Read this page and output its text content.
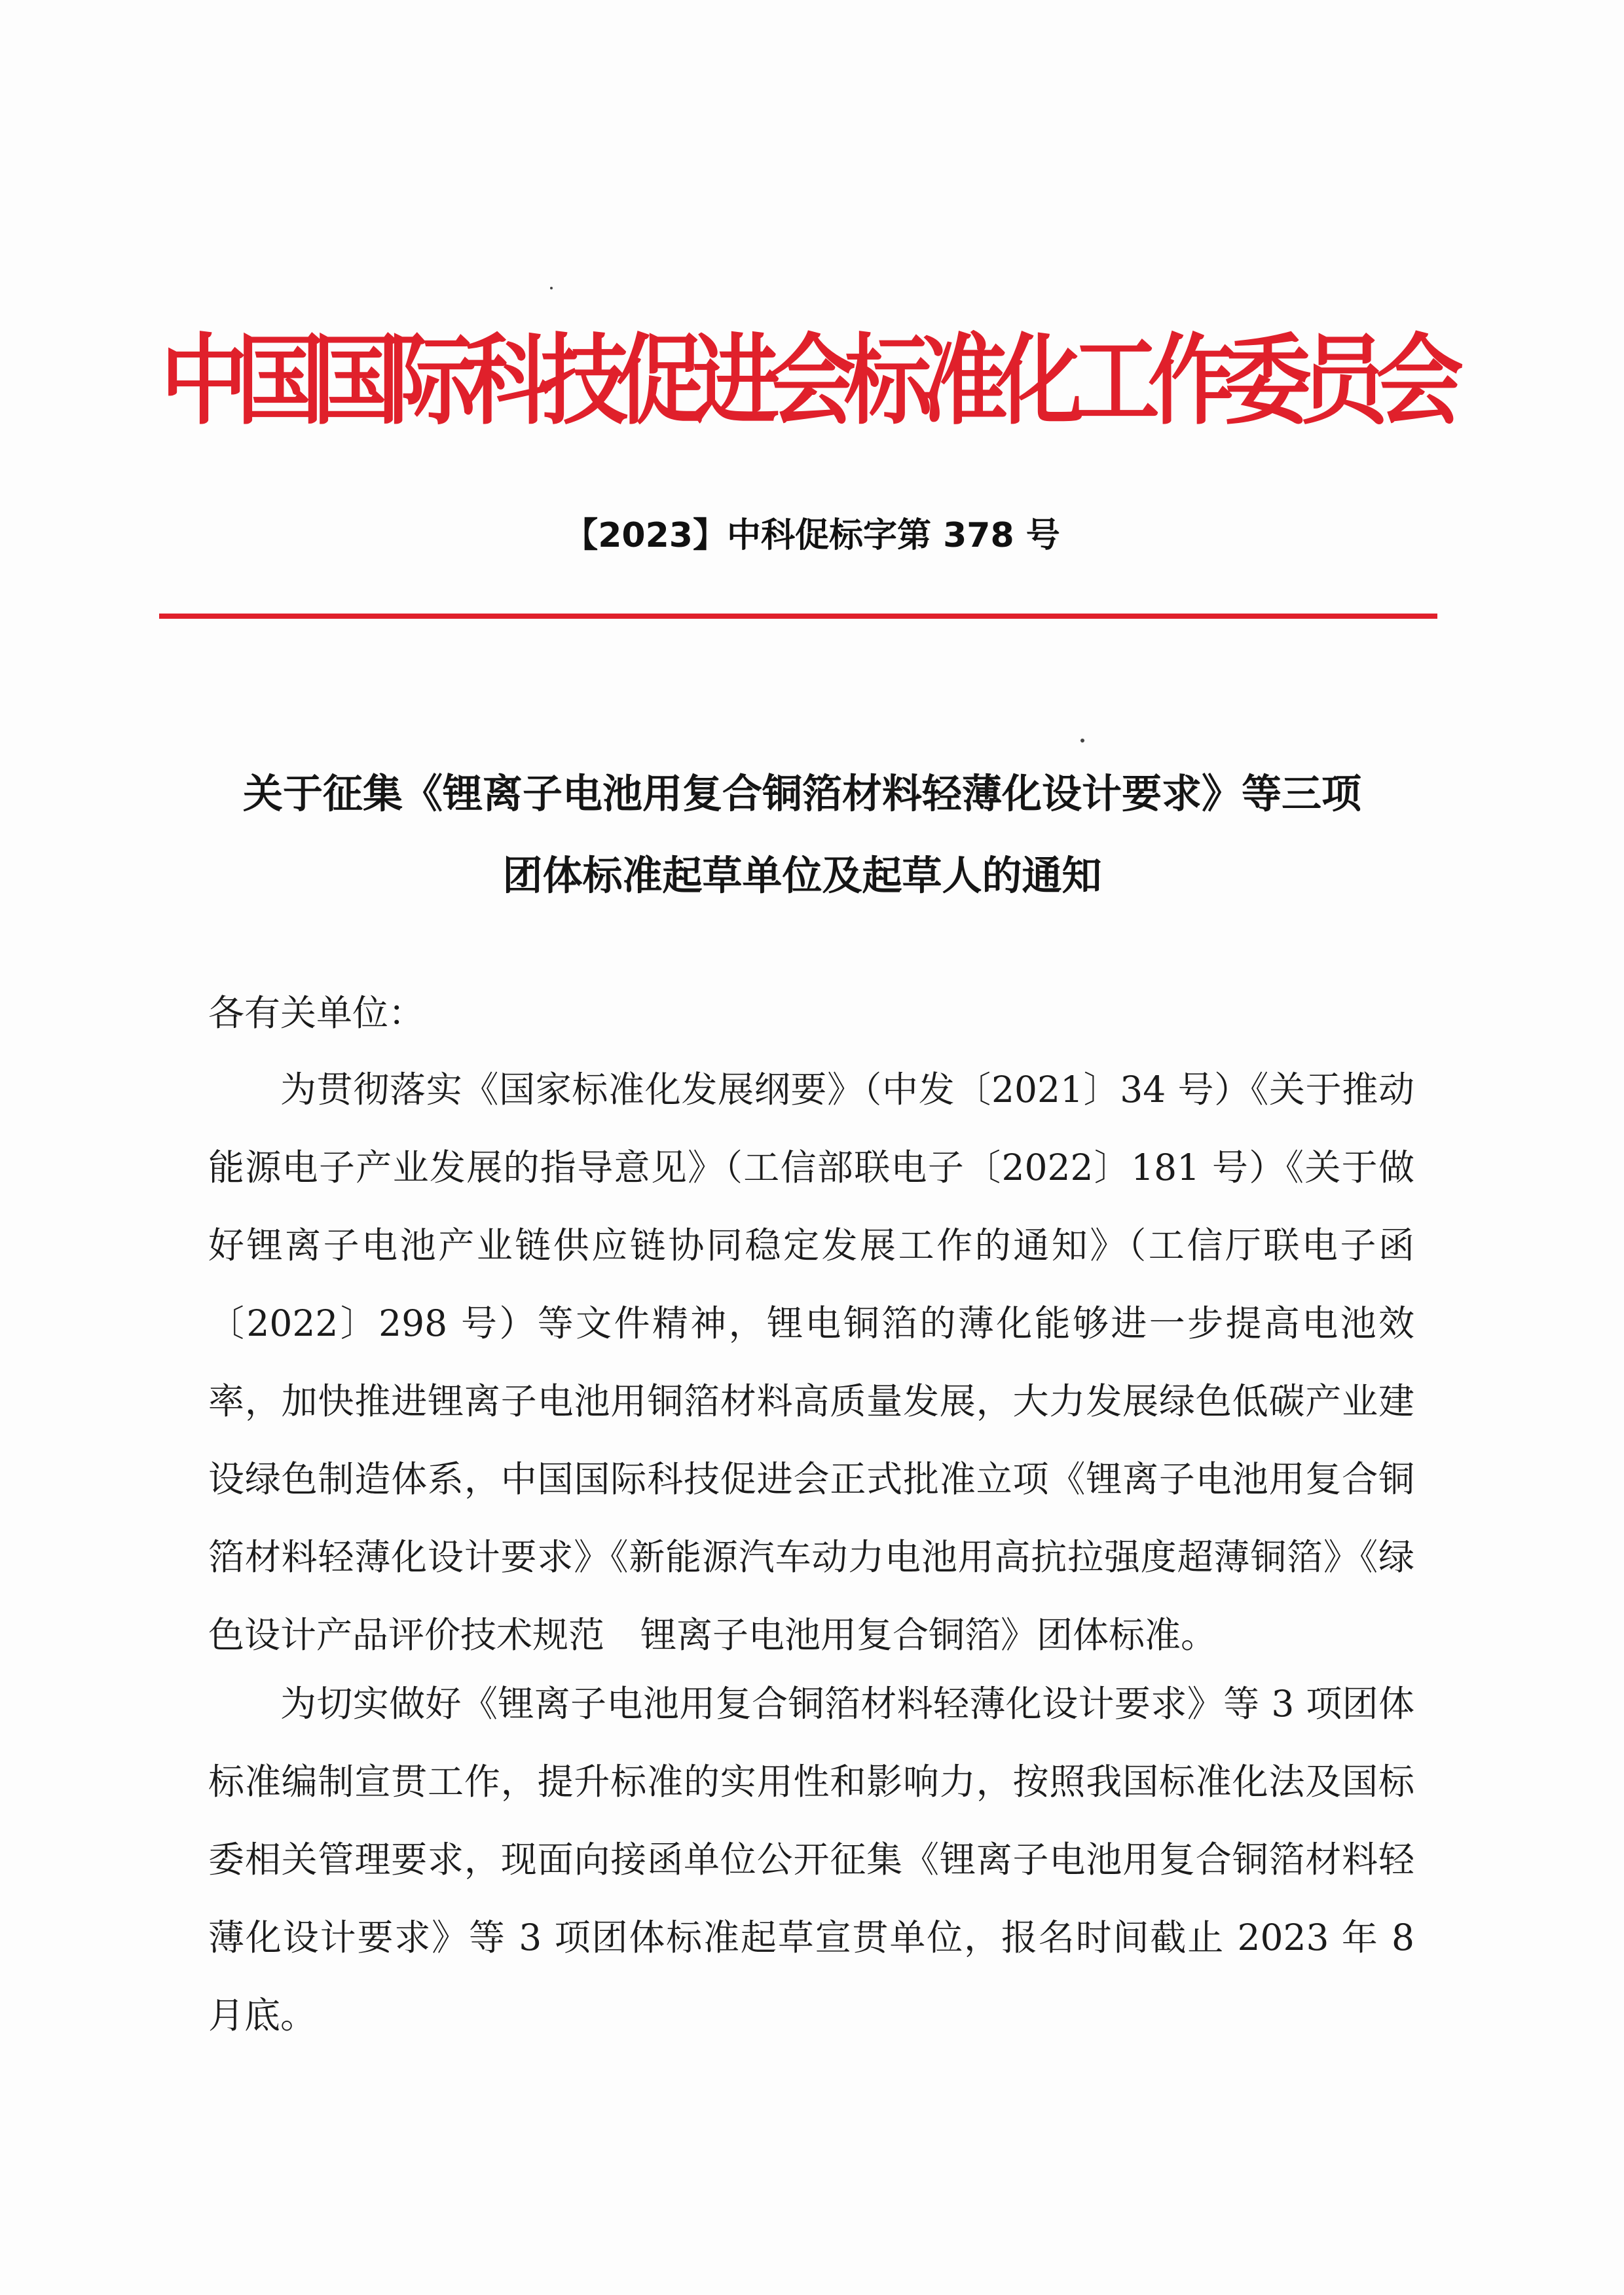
中国国际科技促进会标准化工作委员会
【2023】中科促标字第 378 号
关于征集《锂离子电池用复合铜箔材料轻薄化设计要求》等三项
团体标准起草单位及起草人的通知
各有关单位：
为贯彻落实《国家标准化发展纲要》（中发〔2021〕34 号）《关于推动能源电子产业发展的指导意见》（工信部联电子〔2022〕181 号）《关于做好锂离子电池产业链供应链协同稳定发展工作的通知》（工信厅联电子函〔2022〕298 号）等文件精神，锂电铜箔的薄化能够进一步提高电池效率，加快推进锂离子电池用铜箔材料高质量发展，大力发展绿色低碳产业建设绿色制造体系，中国国际科技促进会正式批准立项《锂离子电池用复合铜箔材料轻薄化设计要求》《新能源汽车动力电池用高抗拉强度超薄铜箔》《绿色设计产品评价技术规范　锂离子电池用复合铜箔》团体标准。
为切实做好《锂离子电池用复合铜箔材料轻薄化设计要求》等 3 项团体标准编制宣贯工作，提升标准的实用性和影响力，按照我国标准化法及国标委相关管理要求，现面向接函单位公开征集《锂离子电池用复合铜箔材料轻薄化设计要求》等 3 项团体标准起草宣贯单位，报名时间截止 2023 年 8 月底。
